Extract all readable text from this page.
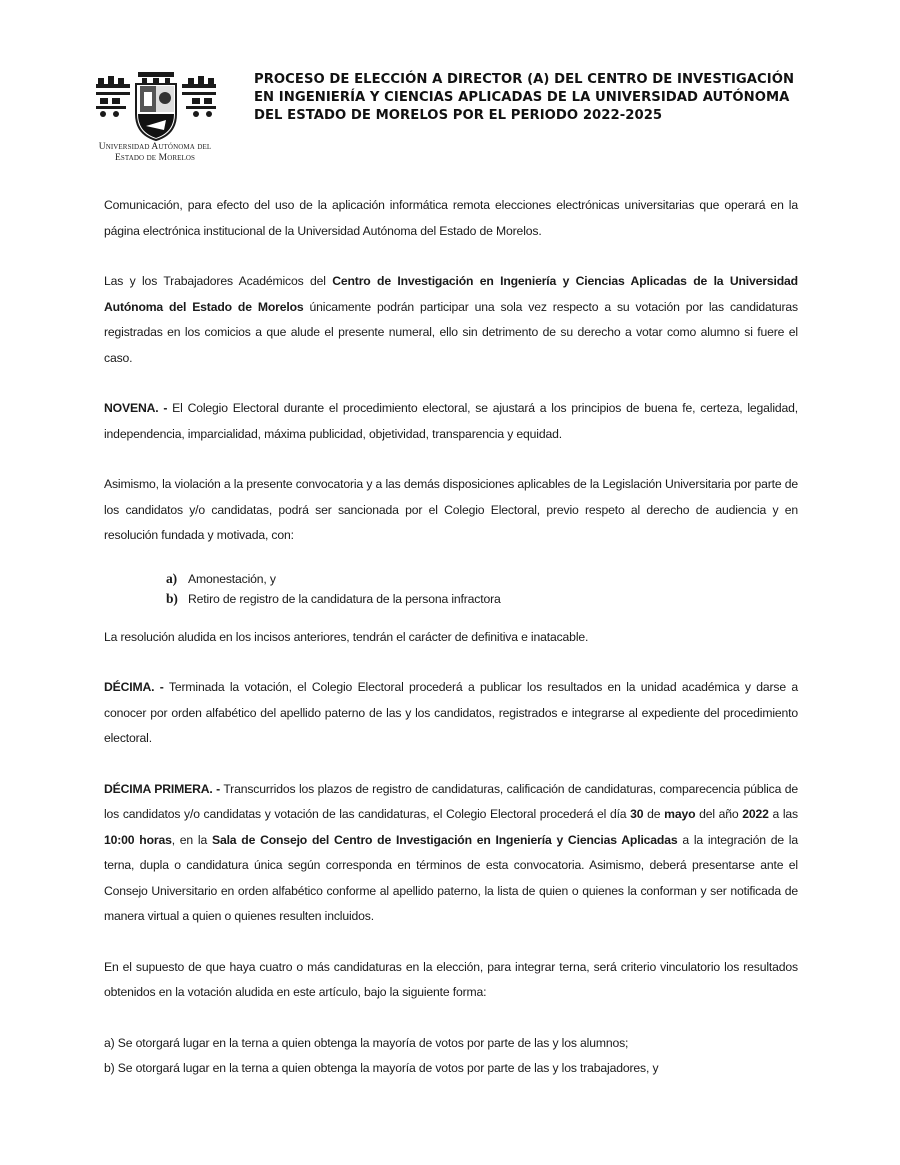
Universidad Autónoma del
Estado de Morelos
PROCESO DE ELECCIÓN A DIRECTOR (A) DEL CENTRO DE INVESTIGACIÓN
EN INGENIERÍA Y CIENCIAS APLICADAS DE LA UNIVERSIDAD AUTÓNOMA
DEL ESTADO DE MORELOS POR EL PERIODO 2022-2025

Comunicación, para efecto del uso de la aplicación informática remota elecciones electrónicas universitarias que operará en la página electrónica institucional de la Universidad Autónoma del Estado de Morelos.

Las y los Trabajadores Académicos del Centro de Investigación en Ingeniería y Ciencias Aplicadas de la Universidad Autónoma del Estado de Morelos únicamente podrán participar una sola vez respecto a su votación por las candidaturas registradas en los comicios a que alude el presente numeral, ello sin detrimento de su derecho a votar como alumno si fuere el caso.

NOVENA. - El Colegio Electoral durante el procedimiento electoral, se ajustará a los principios de buena fe, certeza, legalidad, independencia, imparcialidad, máxima publicidad, objetividad, transparencia y equidad.

Asimismo, la violación a la presente convocatoria y a las demás disposiciones aplicables de la Legislación Universitaria por parte de los candidatos y/o candidatas, podrá ser sancionada por el Colegio Electoral, previo respeto al derecho de audiencia y en resolución fundada y motivada, con:

a) Amonestación, y
b) Retiro de registro de la candidatura de la persona infractora

La resolución aludida en los incisos anteriores, tendrán el carácter de definitiva e inatacable.

DÉCIMA. - Terminada la votación, el Colegio Electoral procederá a publicar los resultados en la unidad académica y darse a conocer por orden alfabético del apellido paterno de las y los candidatos, registrados e integrarse al expediente del procedimiento electoral.

DÉCIMA PRIMERA. - Transcurridos los plazos de registro de candidaturas, calificación de candidaturas, comparecencia pública de los candidatos y/o candidatas y votación de las candidaturas, el Colegio Electoral procederá el día 30 de mayo del año 2022 a las 10:00 horas, en la Sala de Consejo del Centro de Investigación en Ingeniería y Ciencias Aplicadas a la integración de la terna, dupla o candidatura única según corresponda en términos de esta convocatoria. Asimismo, deberá presentarse ante el Consejo Universitario en orden alfabético conforme al apellido paterno, la lista de quien o quienes la conforman y ser notificada de manera virtual a quien o quienes resulten incluidos.

En el supuesto de que haya cuatro o más candidaturas en la elección, para integrar terna, será criterio vinculatorio los resultados obtenidos en la votación aludida en este artículo, bajo la siguiente forma:

a) Se otorgará lugar en la terna a quien obtenga la mayoría de votos por parte de las y los alumnos;

b) Se otorgará lugar en la terna a quien obtenga la mayoría de votos por parte de las y los trabajadores, y
